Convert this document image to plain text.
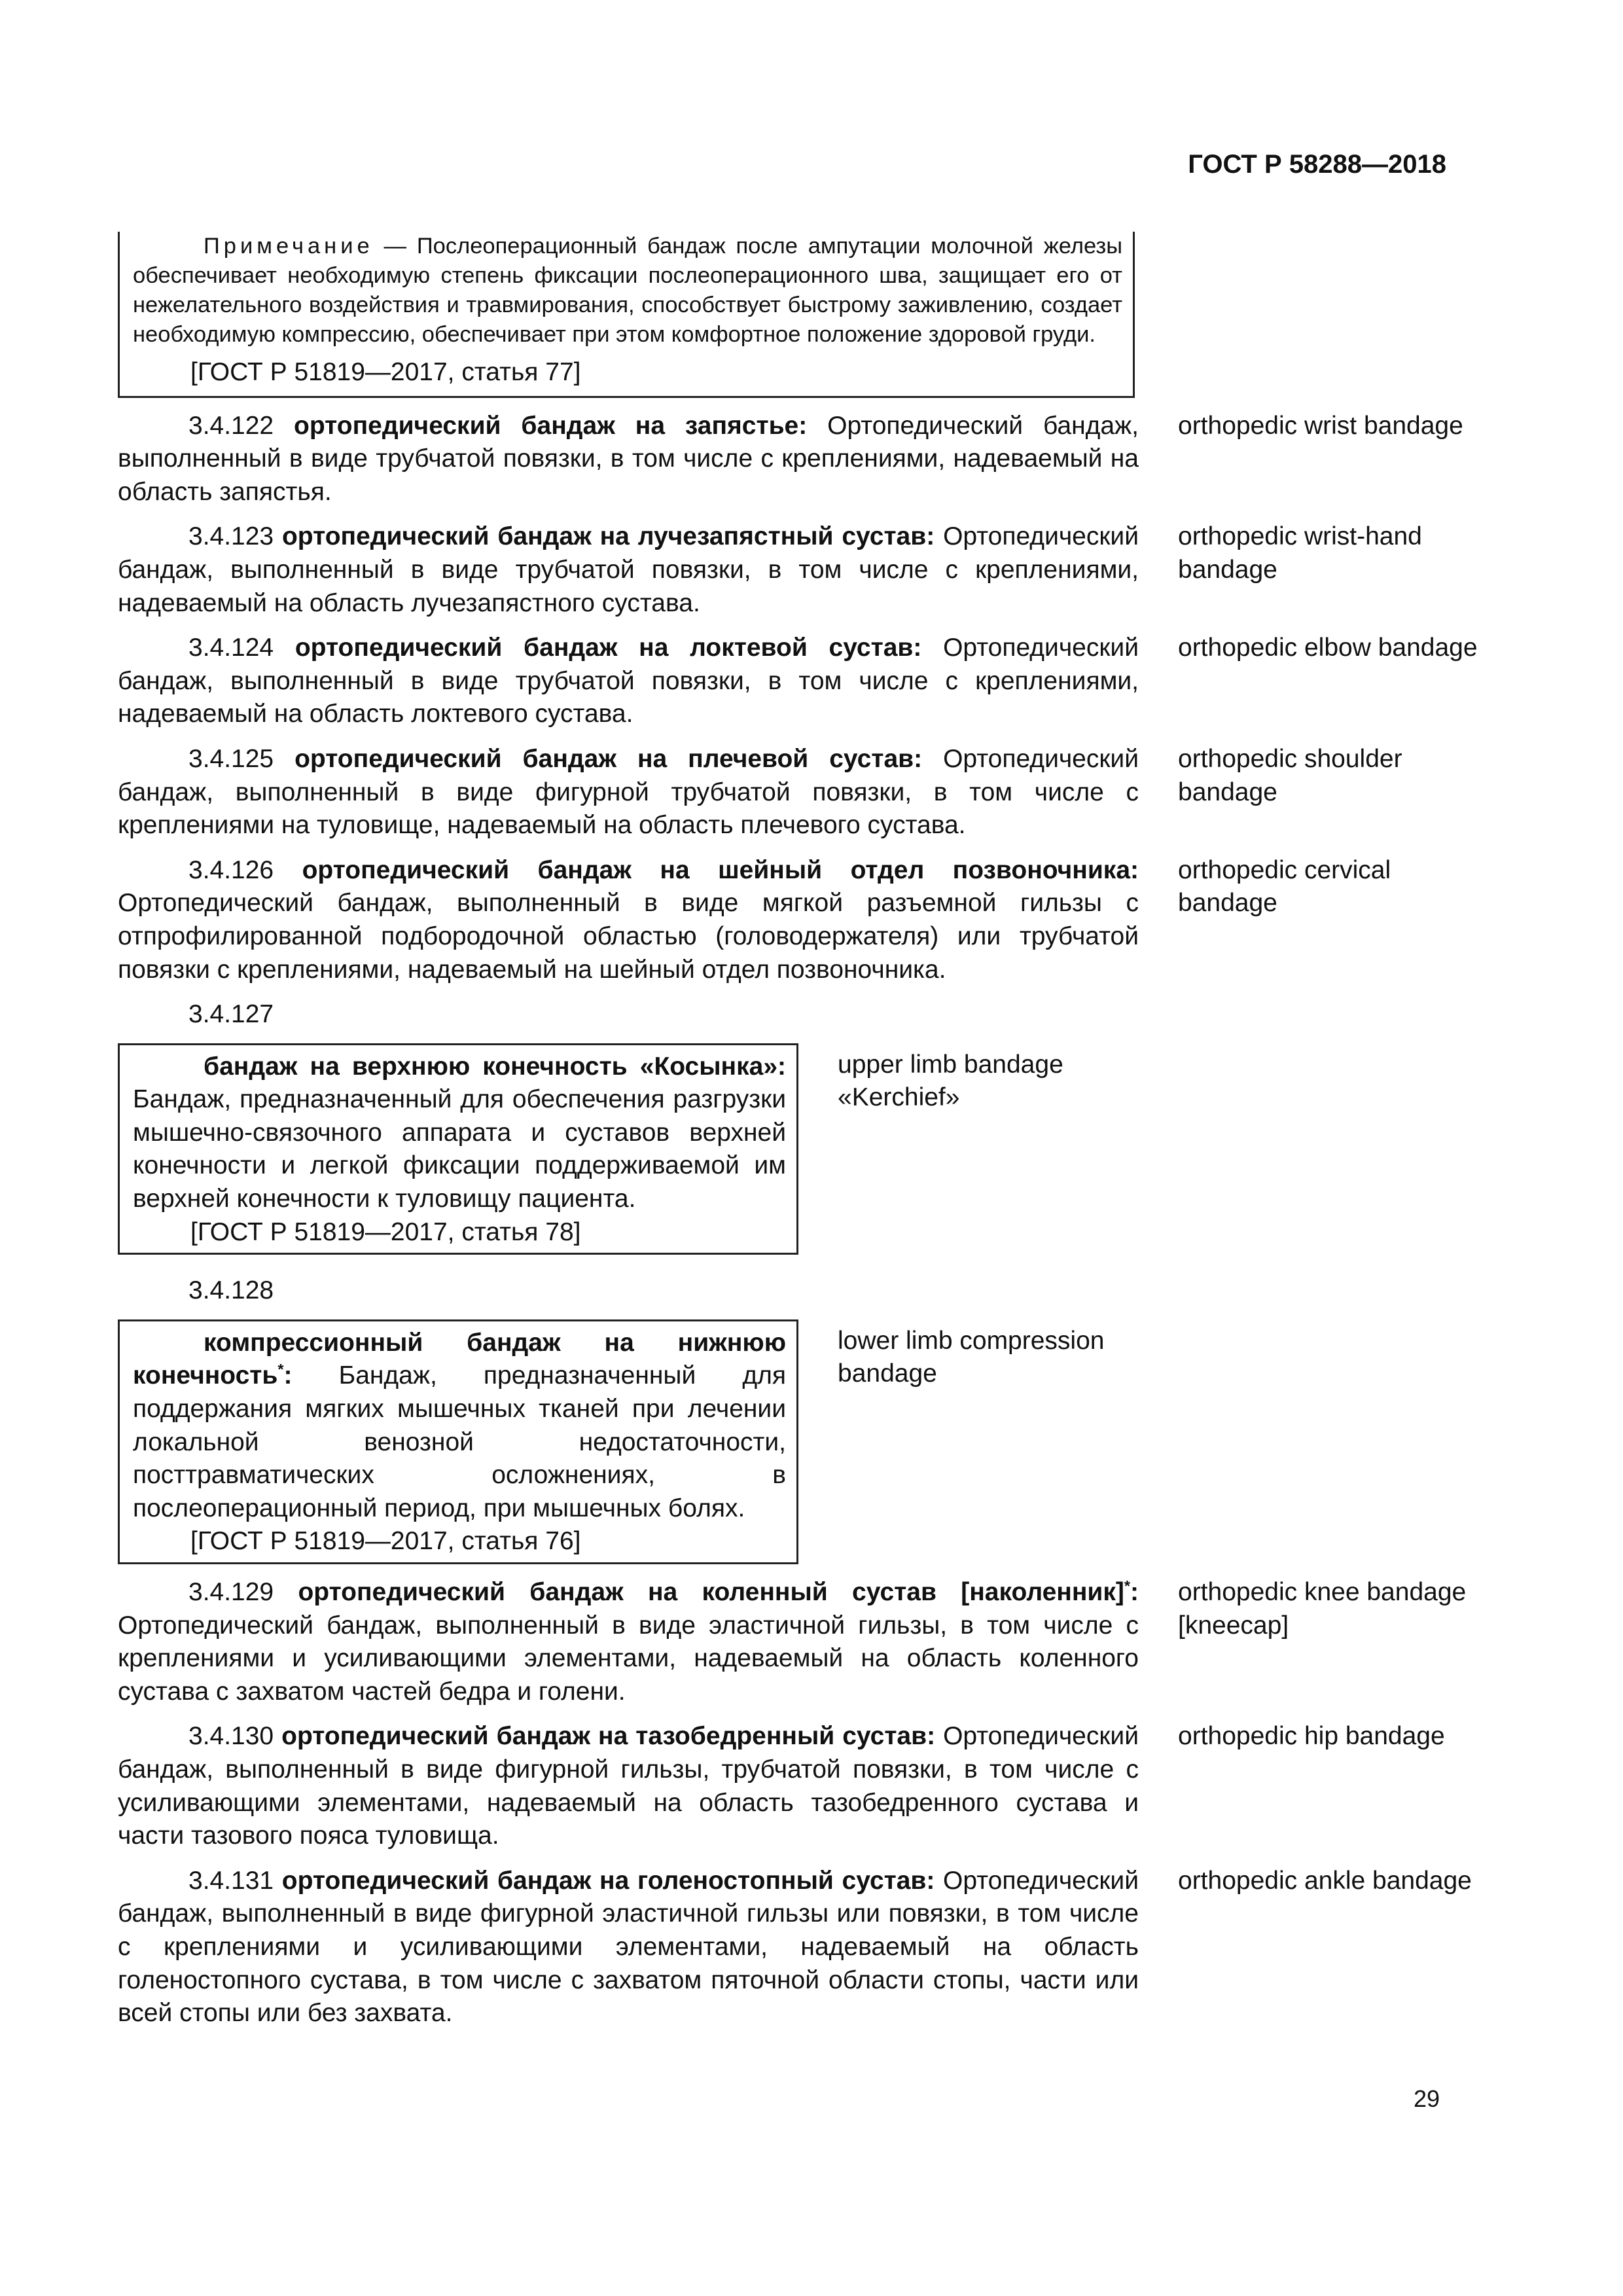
ГОСТ Р 58288—2018

Примечание — Послеоперационный бандаж после ампутации молочной железы обеспечивает необходимую степень фиксации послеоперационного шва, защищает его от нежелательного воздействия и травмирования, способствует быстрому заживлению, создает необходимую компрессию, обеспечивает при этом комфортное положение здоровой груди.

[ГОСТ Р 51819—2017, статья 77]

3.4.122 ортопедический бандаж на запястье: Ортопедический бандаж, выполненный в виде трубчатой повязки, в том числе с креплениями, надеваемый на область запястья.

orthopedic wrist bandage

3.4.123 ортопедический бандаж на лучезапястный сустав: Ортопедический бандаж, выполненный в виде трубчатой повязки, в том числе с креплениями, надеваемый на область лучезапястного сустава.

orthopedic wrist-hand bandage

3.4.124 ортопедический бандаж на локтевой сустав: Ортопедический бандаж, выполненный в виде трубчатой повязки, в том числе с креплениями, надеваемый на область локтевого сустава.

orthopedic elbow bandage

3.4.125 ортопедический бандаж на плечевой сустав: Ортопедический бандаж, выполненный в виде фигурной трубчатой повязки, в том числе с креплениями на туловище, надеваемый на область плечевого сустава.

orthopedic shoulder bandage

3.4.126 ортопедический бандаж на шейный отдел позвоночника: Ортопедический бандаж, выполненный в виде мягкой разъемной гильзы с отпрофилированной подбородочной областью (головодержателя) или трубчатой повязки с креплениями, надеваемый на шейный отдел позвоночника.

orthopedic cervical bandage

3.4.127

бандаж на верхнюю конечность «Косынка»: Бандаж, предназначенный для обеспечения разгрузки мышечно-связочного аппарата и суставов верхней конечности и легкой фиксации поддерживаемой им верхней конечности к туловищу пациента.

[ГОСТ Р 51819—2017, статья 78]

upper limb bandage «Kerchief»

3.4.128

компрессионный бандаж на нижнюю конечность*: Бандаж, предназначенный для поддержания мягких мышечных тканей при лечении локальной венозной недостаточности, посттравматических осложнениях, в послеоперационный период, при мышечных болях.

[ГОСТ Р 51819—2017, статья 76]

lower limb compression bandage

3.4.129 ортопедический бандаж на коленный сустав [наколенник]*: Ортопедический бандаж, выполненный в виде эластичной гильзы, в том числе с креплениями и усиливающими элементами, надеваемый на область коленного сустава с захватом частей бедра и голени.

orthopedic knee bandage [kneecap]

3.4.130 ортопедический бандаж на тазобедренный сустав: Ортопедический бандаж, выполненный в виде фигурной гильзы, трубчатой повязки, в том числе с усиливающими элементами, надеваемый на область тазобедренного сустава и части тазового пояса туловища.

orthopedic hip bandage

3.4.131 ортопедический бандаж на голеностопный сустав: Ортопедический бандаж, выполненный в виде фигурной эластичной гильзы или повязки, в том числе с креплениями и усиливающими элементами, надеваемый на область голеностопного сустава, в том числе с захватом пяточной области стопы, части или всей стопы или без захвата.

orthopedic ankle bandage
29
